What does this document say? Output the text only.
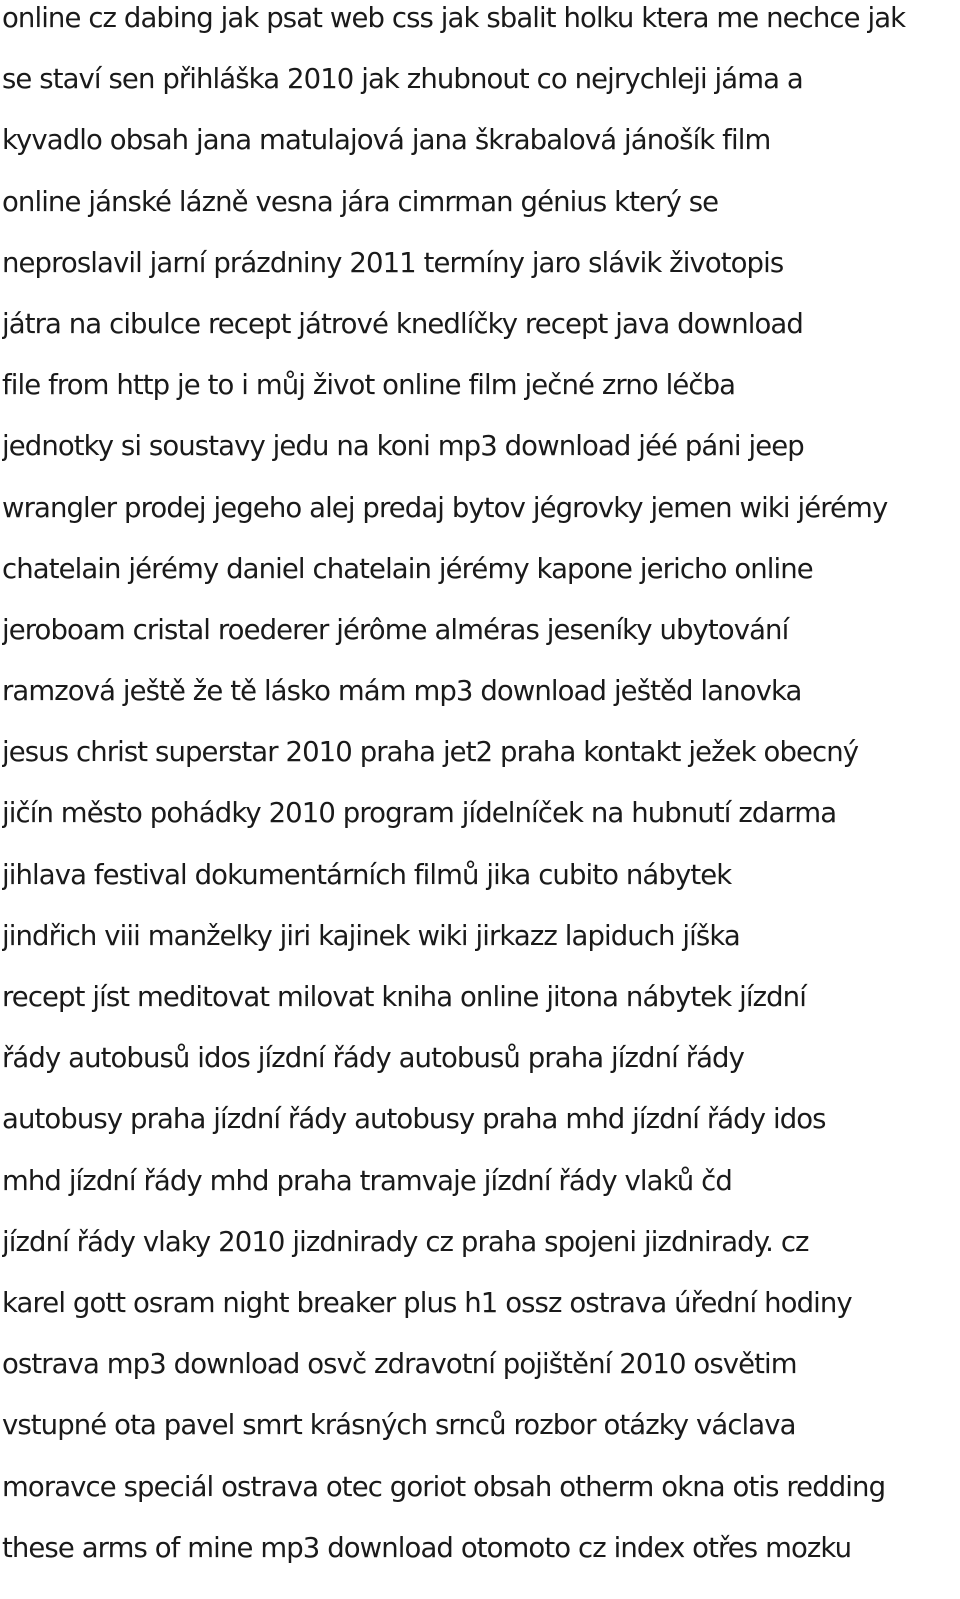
online cz dabing jak psat web css jak sbalit holku ktera me nechce jak
se staví sen přihláška 2010 jak zhubnout co nejrychleji jáma a
kyvadlo obsah jana matulajová jana škrabalová jánošík film
online jánské lázně vesna jára cimrman génius který se
neproslavil jarní prázdniny 2011 termíny jaro slávik životopis
játra na cibulce recept játrové knedlíčky recept java download
file from http je to i můj život online film ječné zrno léčba
jednotky si soustavy jedu na koni mp3 download jéé páni jeep
wrangler prodej jegeho alej predaj bytov jégrovky jemen wiki jérémy
chatelain jérémy daniel chatelain jérémy kapone jericho online
jeroboam cristal roederer jérôme alméras jeseníky ubytování
ramzová ještě že tě lásko mám mp3 download ještěd lanovka
jesus christ superstar 2010 praha jet2 praha kontakt ježek obecný
jičín město pohádky 2010 program jídelníček na hubnutí zdarma
jihlava festival dokumentárních filmů jika cubito nábytek
jindřich viii manželky jiri kajinek wiki jirkazz lapiduch jíška
recept jíst meditovat milovat kniha online jitona nábytek jízdní
řády autobusů idos jízdní řády autobusů praha jízdní řády
autobusy praha jízdní řády autobusy praha mhd jízdní řády idos
mhd jízdní řády mhd praha tramvaje jízdní řády vlaků čd
jízdní řády vlaky 2010 jizdnirady cz praha spojeni jizdnirady. cz
karel gott osram night breaker plus h1 ossz ostrava úřední hodiny
ostrava mp3 download osvč zdravotní pojištění 2010 osvětim
vstupné ota pavel smrt krásných srnců rozbor otázky václava
moravce speciál ostrava otec goriot obsah otherm okna otis redding
these arms of mine mp3 download otomoto cz index otřes mozku
